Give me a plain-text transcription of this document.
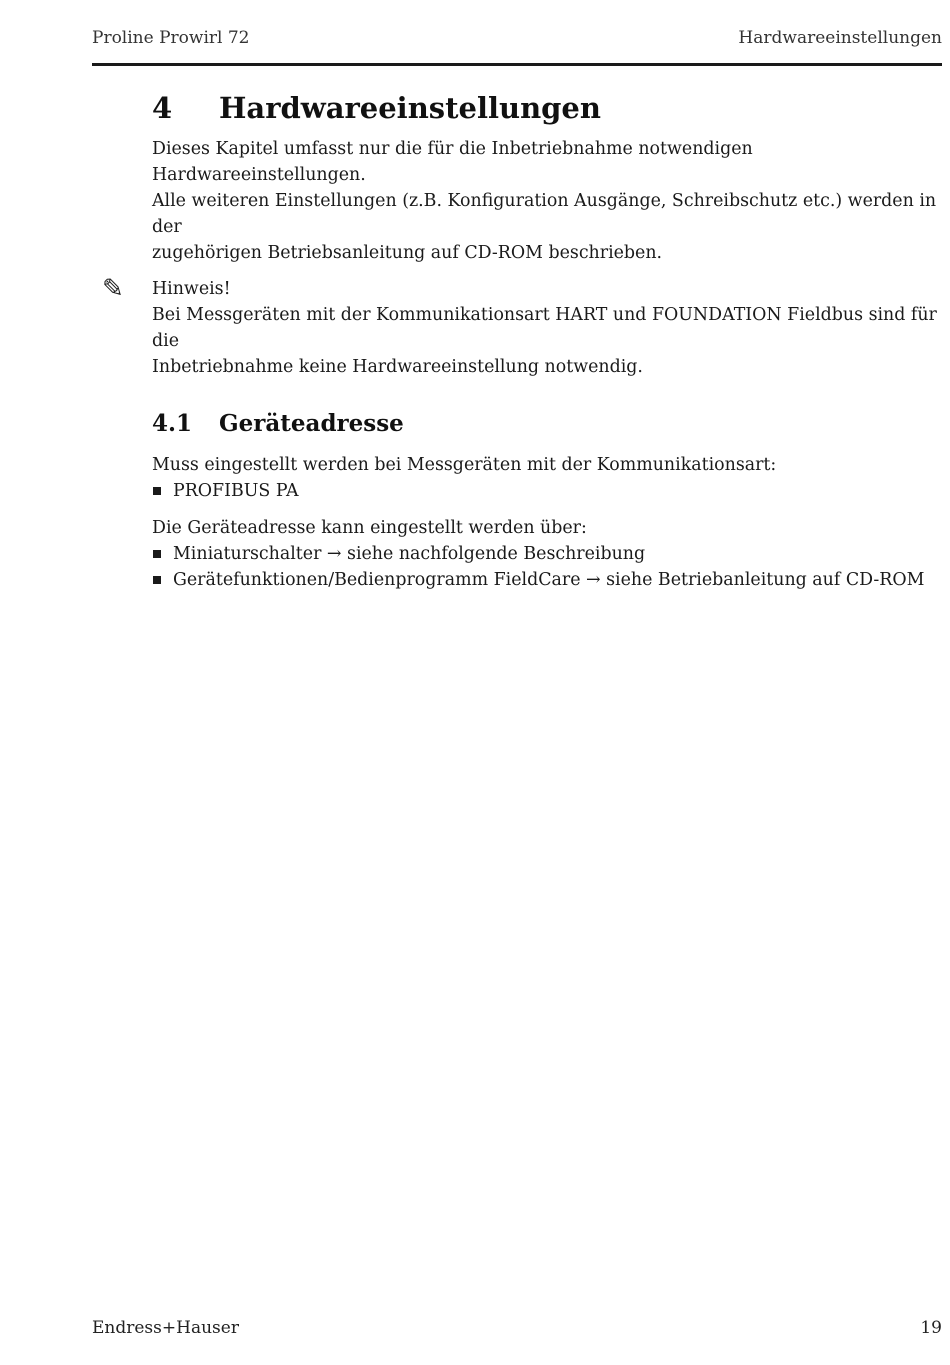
Proline Prowirl 72	Hardwareeinstellungen
4 Hardwareeinstellungen

Dieses Kapitel umfasst nur die für die Inbetriebnahme notwendigen Hardwareeinstellungen.

Alle weiteren Einstellungen (z.B. Konfiguration Ausgänge, Schreibschutz etc.) werden in der

zugehörigen Betriebsanleitung auf CD-ROM beschrieben.

✎ Hinweis!

Bei Messgeräten mit der Kommunikationsart HART und FOUNDATION Fieldbus sind für die

Inbetriebnahme keine Hardwareeinstellung notwendig.

4.1 Geräteadresse

Muss eingestellt werden bei Messgeräten mit der Kommunikationsart:

PROFIBUS PA

Die Geräteadresse kann eingestellt werden über:

Miniaturschalter → siehe nachfolgende Beschreibung
Gerätefunktionen/Bedienprogramm FieldCare → siehe Betriebanleitung auf CD-ROM
Endress+Hauser	19
